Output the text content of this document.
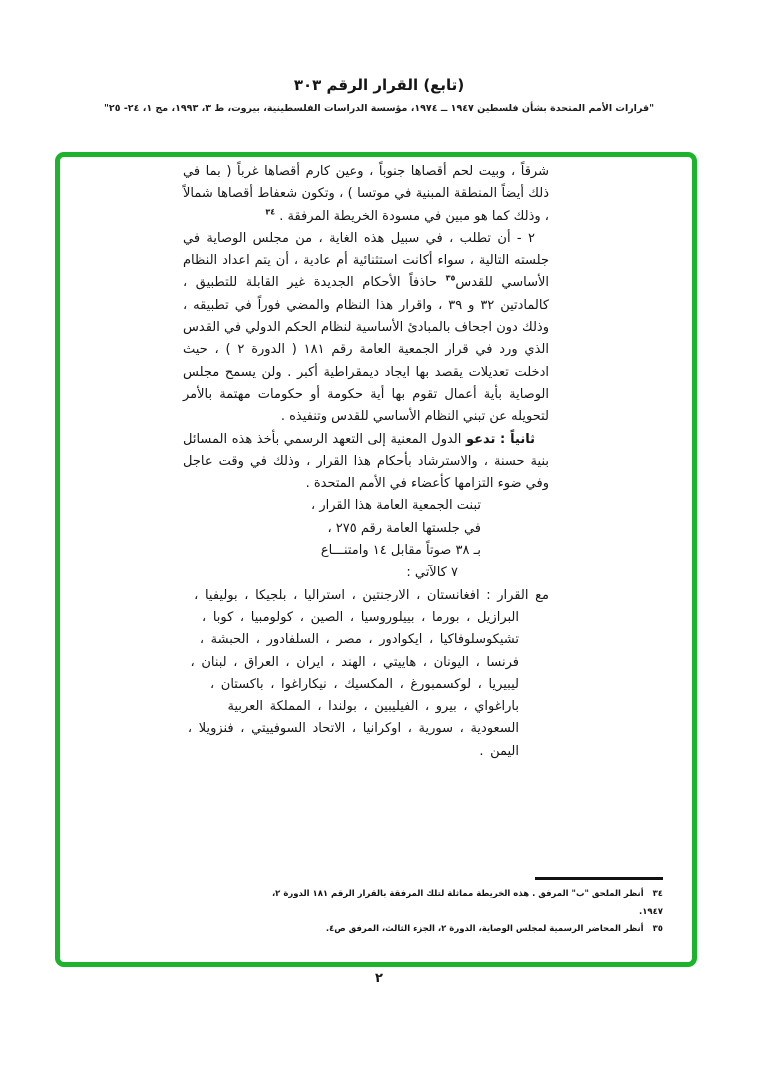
(تابع) القرار الرقم ٣٠٣
"قرارات الأمم المتحدة بشأن فلسطين ١٩٤٧ ــ ١٩٧٤، مؤسسة الدراسات الفلسطينية، بيروت، ط ٣، ١٩٩٣، مج ١، ٢٤- ٢٥"

شرقاً ، وبيت لحم أقصاها جنوباً ، وعين كارم أقصاها غرباً ( بما في ذلك أيضاً المنطقة المبنية في موتسا ) ، وتكون شعفاط أقصاها شمالاً ، وذلك كما هو مبين في مسودة الخريطة المرفقة . $^{٣٤}$

٢ - أن تطلب ، في سبيل هذه الغاية ، من مجلس الوصاية في جلسته التالية ، سواء أكانت استثنائية أم عادية ، أن يتم اعداد النظام الأساسي للقدس$^{٣٥}$ حاذفاً الأحكام الجديدة غير القابلة للتطبيق ، كالمادتين ٣٢ و ٣٩ ، واقرار هذا النظام والمضي فوراً في تطبيقه ، وذلك دون اجحاف بالمبادئ الأساسية لنظام الحكم الدولي في القدس الذي ورد في قرار الجمعية العامة رقم ١٨١ ( الدورة ٢ ) ، حيث ادخلت تعديلات يقصد بها ايجاد ديمقراطية أكبر . ولن يسمح مجلس الوصاية بأية أعمال تقوم بها أية حكومة أو حكومات مهتمة بالأمر لتحويله عن تبني النظام الأساسي للقدس وتنفيذه .

ثانياً : تدعو الدول المعنية إلى التعهد الرسمي بأخذ هذه المسائل بنية حسنة ، والاسترشاد بأحكام هذا القرار ، وذلك في وقت عاجل وفي ضوء التزامها كأعضاء في الأمم المتحدة .

تبنت الجمعية العامة هذا القرار ،
في جلستها العامة رقم ٢٧٥ ،
بـ ٣٨ صوتاً مقابل ١٤ وامتنـــاع
٧ كالآتي :

مع القرار : افغانستان ، الارجنتين ، استراليا ، بلجيكا ، بوليفيا ، البرازيل ، بورما ، بييلوروسيا ، الصين ، كولومبيا ، كوبا ، تشيكوسلوفاكيا ، ايكوادور ، مصر ، السلفادور ، الحبشة ، فرنسا ، اليونان ، هاييتي ، الهند ، ايران ، العراق ، لبنان ، ليبيريا ، لوكسمبورغ ، المكسيك ، نيكاراغوا ، باكستان ، باراغواي ، بيرو ، الفيليبين ، بولندا ، المملكة العربية السعودية ، سورية ، اوكرانيا ، الاتحاد السوفييتي ، فنزويلا ، اليمن .

٣٤أنظر الملحق "ب" المرفق . هذه الخريطة مماثلة لتلك المرفقة بالقرار الرقم ١٨١ الدورة ٢، ١٩٤٧.
٣٥أنظر المحاضر الرسمية لمجلس الوصاية، الدورة ٢، الجزء الثالث، المرفق ص٤.
٢
